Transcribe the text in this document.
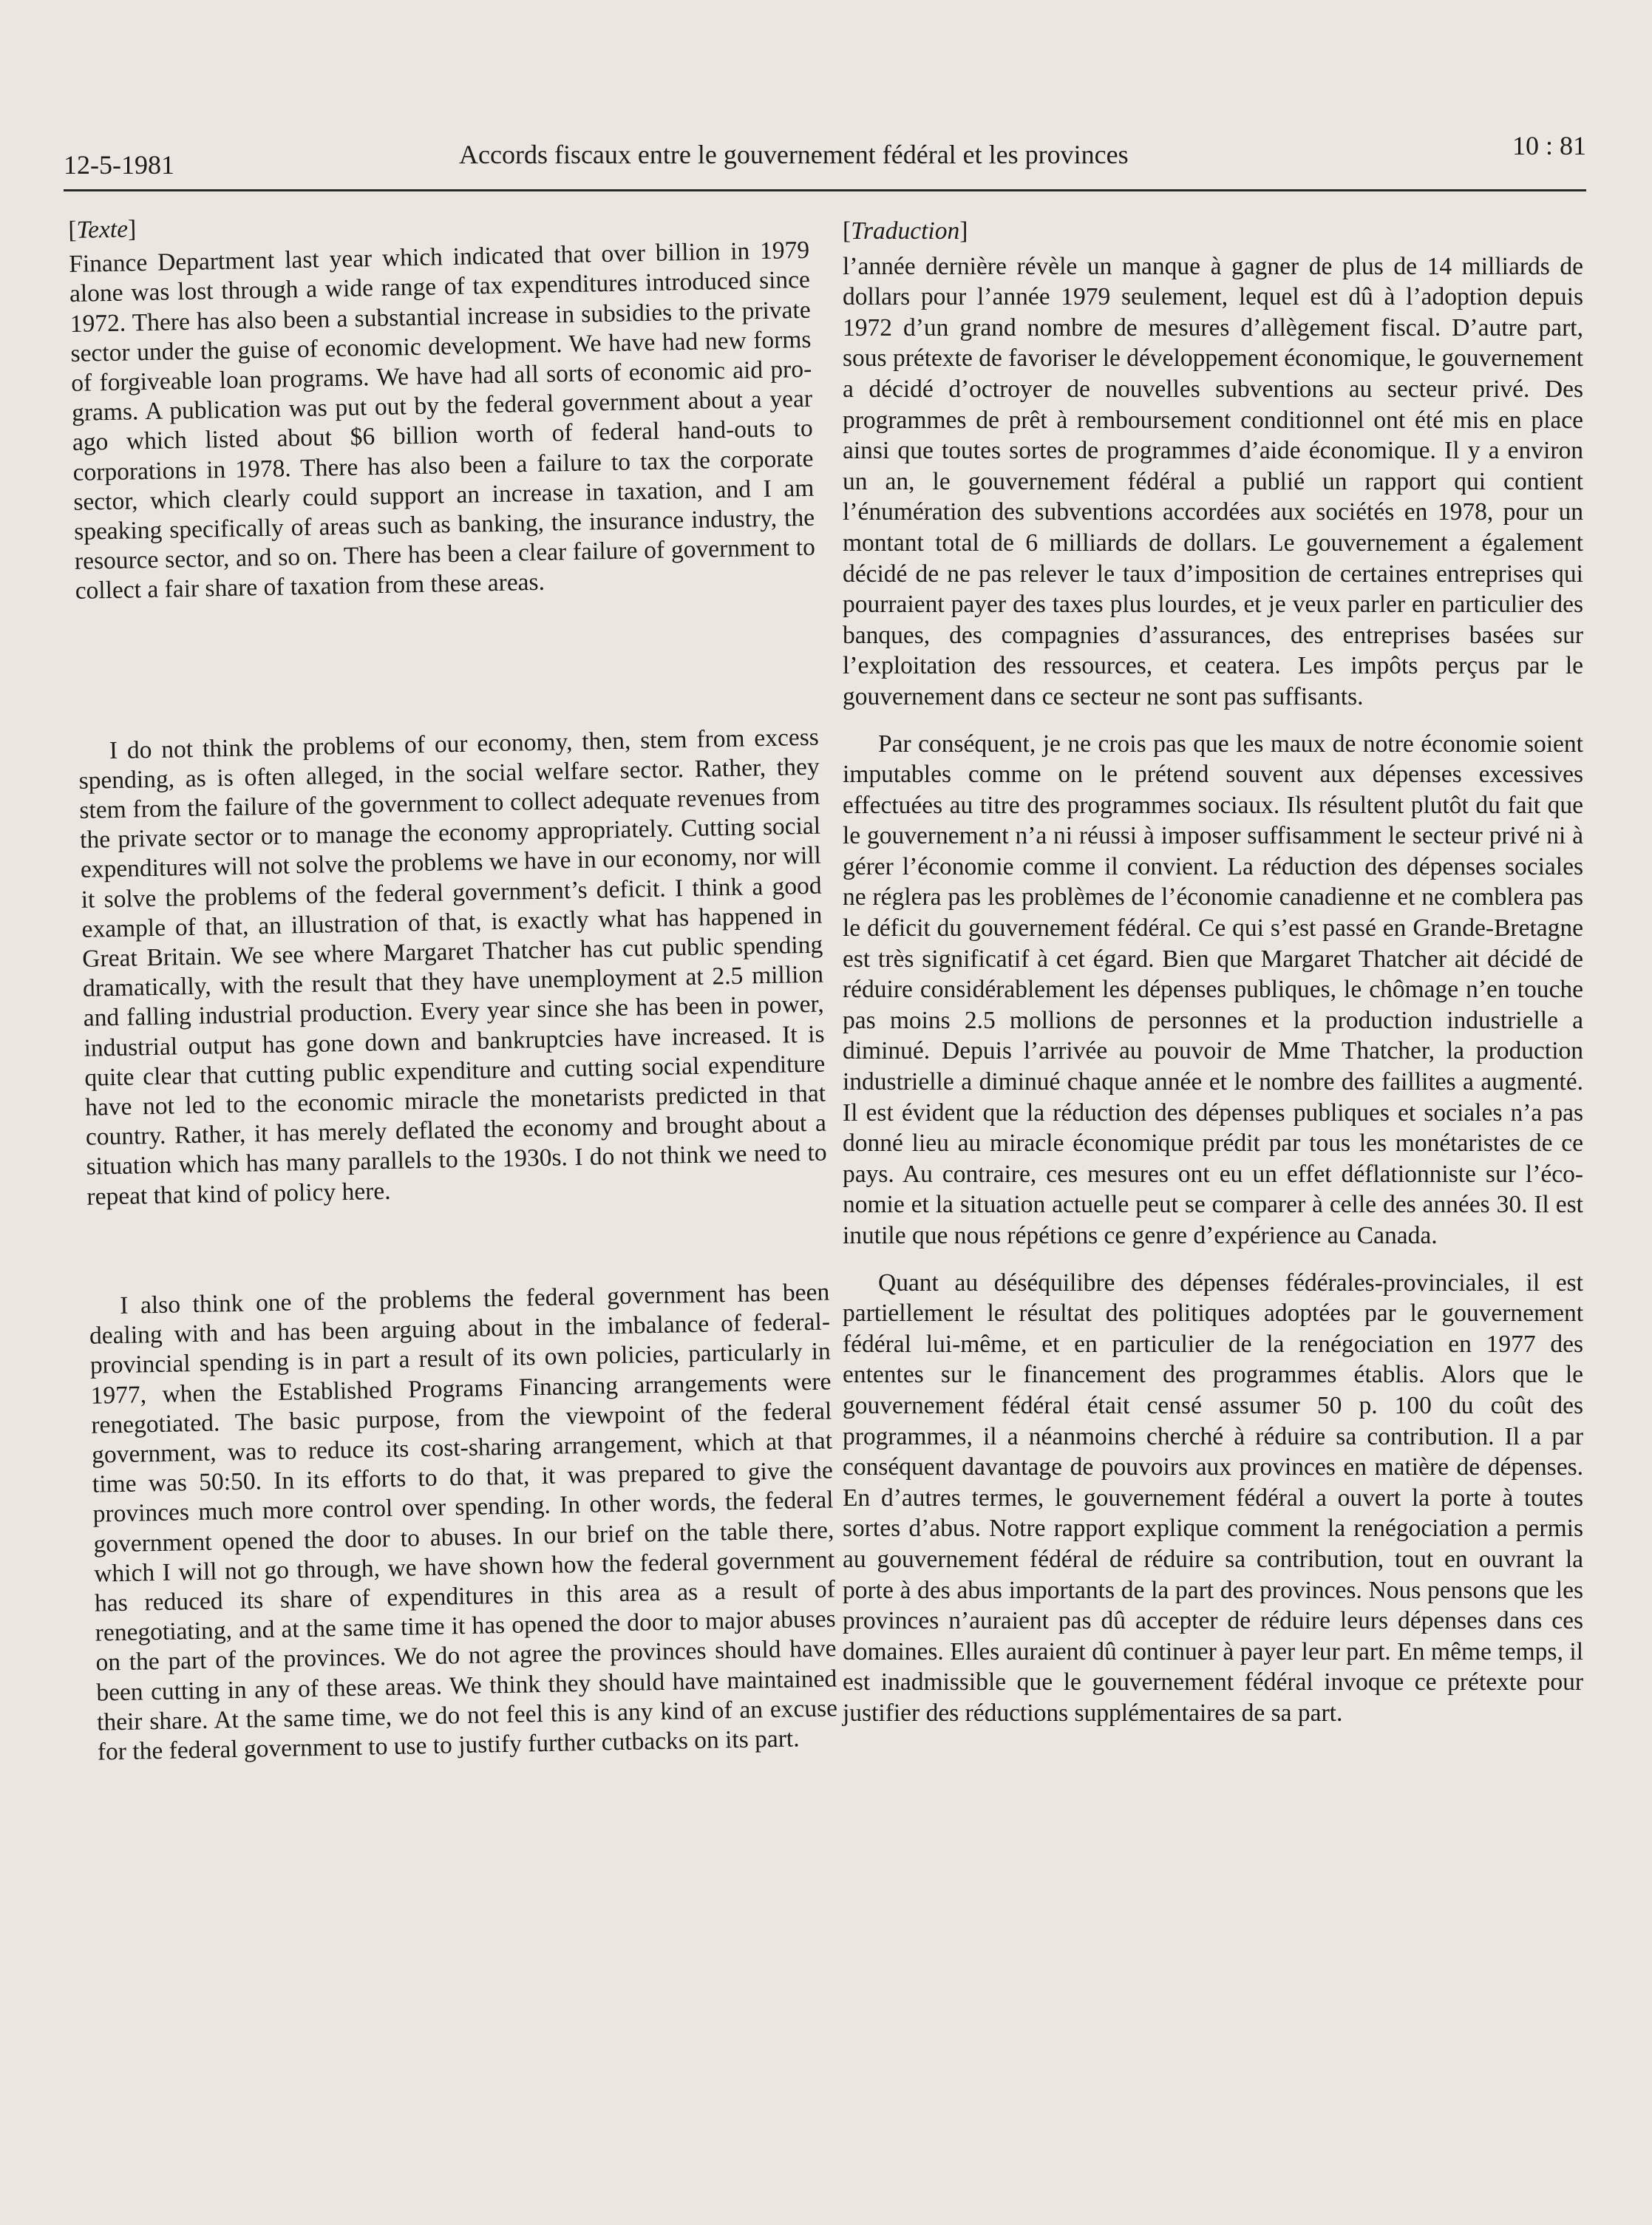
12-5-1981	Accords fiscaux entre le gouvernement fédéral et les provinces	10 : 81
[Texte]

Finance Department last year which indicated that over billion in 1979 alone was lost through a wide range of tax expenditures introduced since 1972. There has also been a substantial increase in subsidies to the private sector under the guise of economic development. We have had new forms of forgiveable loan programs. We have had all sorts of economic aid programs. A publication was put out by the federal government about a year ago which listed about $6 billion worth of federal hand-outs to corporations in 1978. There has also been a failure to tax the corporate sector, which clearly could support an increase in taxation, and I am speaking specifically of areas such as banking, the insurance industry, the resource sector, and so on. There has been a clear failure of government to collect a fair share of taxation from these areas.

I do not think the problems of our economy, then, stem from excess spending, as is often alleged, in the social welfare sector. Rather, they stem from the failure of the government to collect adequate revenues from the private sector or to manage the economy appropriately. Cutting social expenditures will not solve the problems we have in our economy, nor will it solve the problems of the federal government’s deficit. I think a good example of that, an illustration of that, is exactly what has happened in Great Britain. We see where Margaret Thatcher has cut public spending dramatically, with the result that they have unemployment at 2.5 million and falling industrial production. Every year since she has been in power, industrial output has gone down and bankruptcies have increased. It is quite clear that cutting public expenditure and cutting social expenditure have not led to the economic miracle the monetarists predicted in that country. Rather, it has merely deflated the economy and brought about a situation which has many parallels to the 1930s. I do not think we need to repeat that kind of policy here.

I also think one of the problems the federal government has been dealing with and has been arguing about in the imbalance of federal-provincial spending is in part a result of its own policies, particularly in 1977, when the Established Programs Financing arrangements were renegotiated. The basic purpose, from the viewpoint of the federal government, was to reduce its cost-sharing arrangement, which at that time was 50:50. In its efforts to do that, it was prepared to give the provinces much more control over spending. In other words, the federal government opened the door to abuses. In our brief on the table there, which I will not go through, we have shown how the federal government has reduced its share of expenditures in this area as a result of renegotiating, and at the same time it has opened the door to major abuses on the part of the provinces. We do not agree the provinces should have been cutting in any of these areas. We think they should have maintained their share. At the same time, we do not feel this is any kind of an excuse for the federal government to use to justify further cutbacks on its part.

[Traduction]

l’année dernière révèle un manque à gagner de plus de 14 milliards de dollars pour l’année 1979 seulement, lequel est dû à l’adoption depuis 1972 d’un grand nombre de mesures d’allègement fiscal. D’autre part, sous prétexte de favoriser le développement économique, le gouvernement a décidé d’octroyer de nouvelles subventions au secteur privé. Des programmes de prêt à remboursement conditionnel ont été mis en place ainsi que toutes sortes de programmes d’aide économique. Il y a environ un an, le gouvernement fédéral a publié un rapport qui contient l’énumération des subventions accordées aux sociétés en 1978, pour un montant total de 6 milliards de dollars. Le gouvernement a également décidé de ne pas relever le taux d’imposition de certaines entreprises qui pourraient payer des taxes plus lourdes, et je veux parler en particulier des banques, des compagnies d’assurances, des entreprises basées sur l’exploitation des ressources, et ceatera. Les impôts perçus par le gouvernement dans ce secteur ne sont pas suffisants.

Par conséquent, je ne crois pas que les maux de notre économie soient imputables comme on le prétend souvent aux dépenses excessives effectuées au titre des programmes sociaux. Ils résultent plutôt du fait que le gouvernement n’a ni réussi à imposer suffisamment le secteur privé ni à gérer l’économie comme il convient. La réduction des dépenses sociales ne réglera pas les problèmes de l’économie canadienne et ne comblera pas le déficit du gouvernement fédéral. Ce qui s’est passé en Grande-Bretagne est très significatif à cet égard. Bien que Margaret Thatcher ait décidé de réduire considérablement les dépenses publiques, le chômage n’en touche pas moins 2.5 mollions de personnes et la production industrielle a diminué. Depuis l’arrivée au pouvoir de Mme Thatcher, la production industrielle a diminué chaque année et le nombre des faillites a augmenté. Il est évident que la réduction des dépenses publiques et sociales n’a pas donné lieu au miracle économique prédit par tous les monétaristes de ce pays. Au contraire, ces mesures ont eu un effet déflationniste sur l’économie et la situation actuelle peut se comparer à celle des années 30. Il est inutile que nous répétions ce genre d’expérience au Canada.

Quant au déséquilibre des dépenses fédérales-provinciales, il est partiellement le résultat des politiques adoptées par le gouvernement fédéral lui-même, et en particulier de la renégociation en 1977 des ententes sur le financement des programmes établis. Alors que le gouvernement fédéral était censé assumer 50 p. 100 du coût des programmes, il a néanmoins cherché à réduire sa contribution. Il a par conséquent davantage de pouvoirs aux provinces en matière de dépenses. En d’autres termes, le gouvernement fédéral a ouvert la porte à toutes sortes d’abus. Notre rapport explique comment la renégociation a permis au gouvernement fédéral de réduire sa contribution, tout en ouvrant la porte à des abus importants de la part des provinces. Nous pensons que les provinces n’auraient pas dû accepter de réduire leurs dépenses dans ces domaines. Elles auraient dû continuer à payer leur part. En même temps, il est inadmissible que le gouvernement fédéral invoque ce prétexte pour justifier des réductions supplémentaires de sa part.
